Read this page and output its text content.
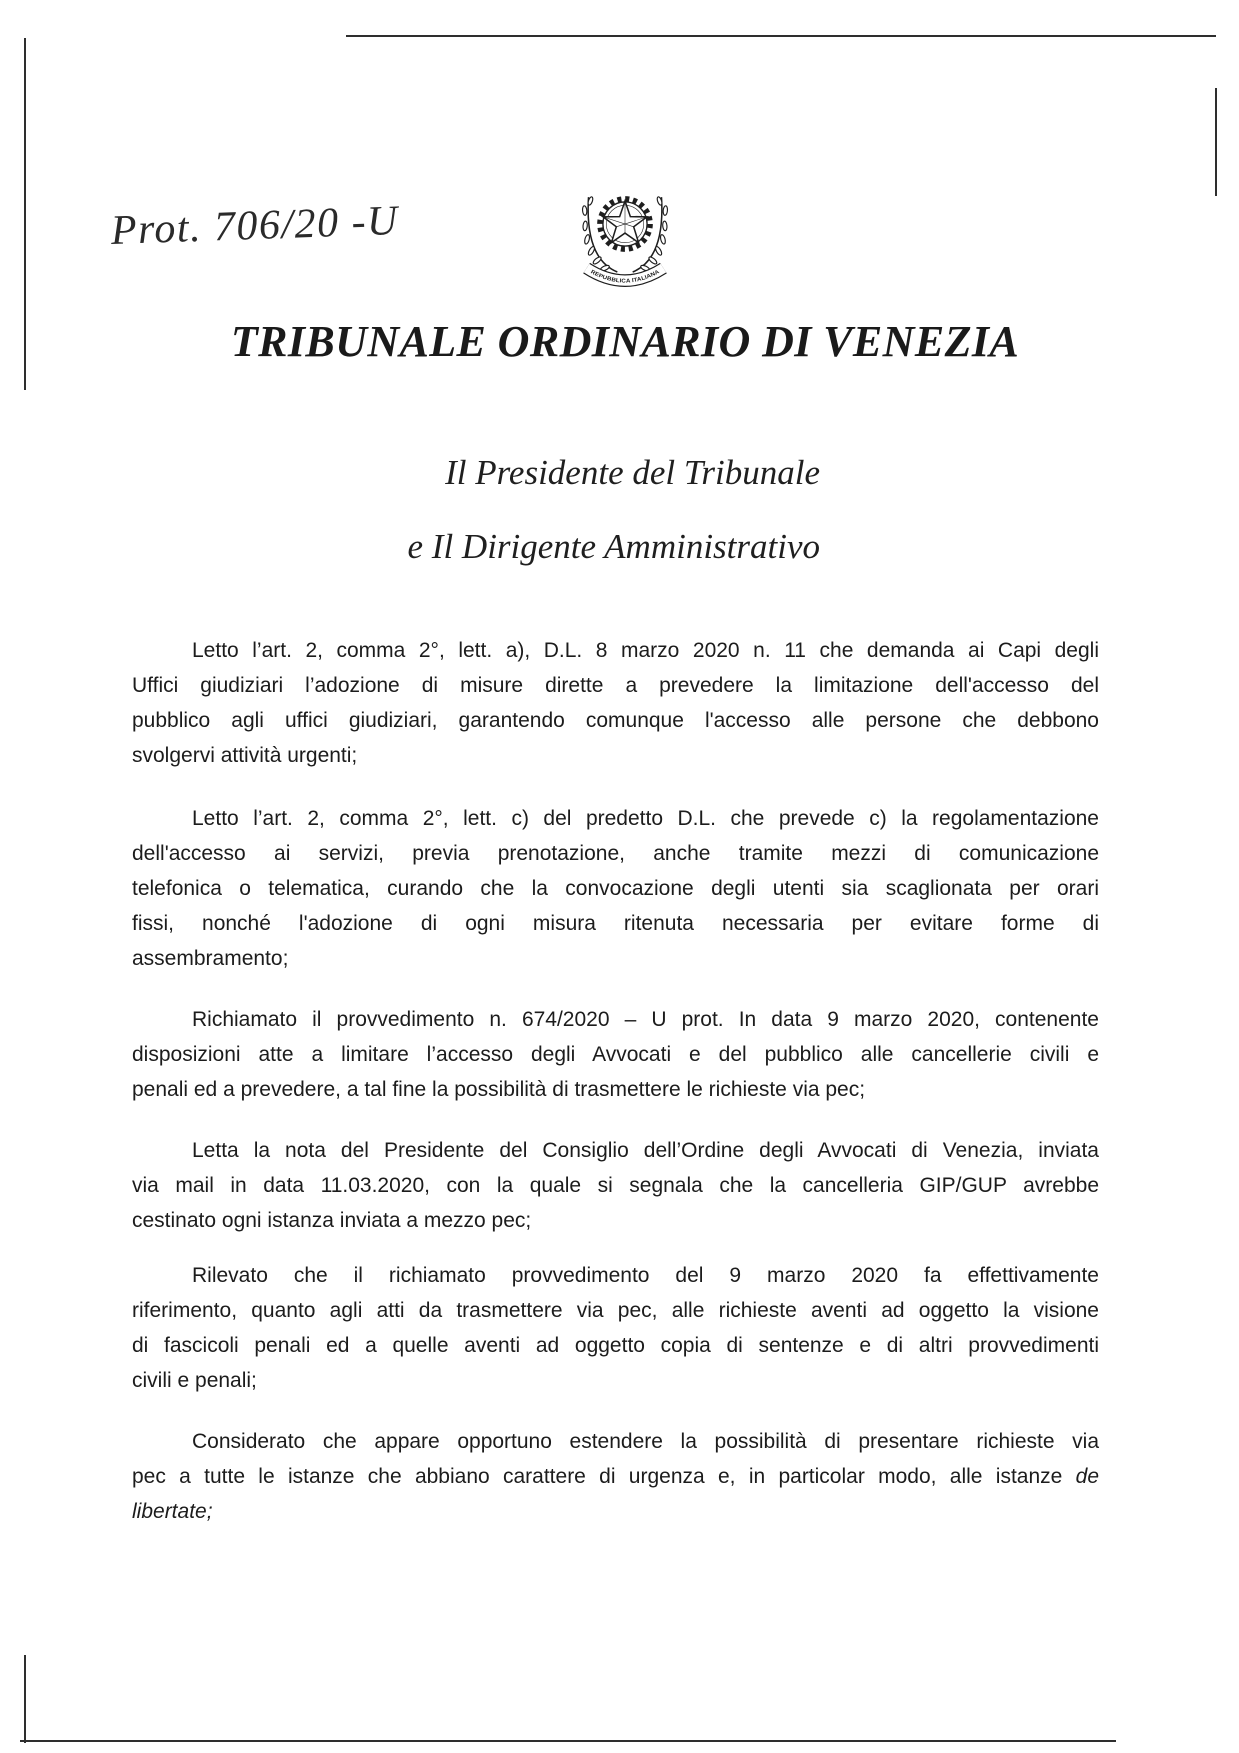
Prot. 706/20 -U
REPUBBLICA ITALIANA
TRIBUNALE ORDINARIO DI VENEZIA
Il Presidente del Tribunale
e Il Dirigente Amministrativo
Letto l’art. 2, comma 2°, lett. a), D.L. 8 marzo 2020 n. 11 che demanda ai Capi degli
Uffici giudiziari l’adozione di misure dirette a prevedere la limitazione dell'accesso del
pubblico agli uffici giudiziari, garantendo comunque l'accesso alle persone che debbono
svolgervi attività urgenti;
Letto l’art. 2, comma 2°, lett. c) del predetto D.L. che prevede c) la regolamentazione
dell'accesso ai servizi, previa prenotazione, anche tramite mezzi di comunicazione
telefonica o telematica, curando che la convocazione degli utenti sia scaglionata per orari
fissi, nonché l'adozione di ogni misura ritenuta necessaria per evitare forme di
assembramento;
Richiamato il provvedimento n. 674/2020 – U prot. In data 9 marzo 2020, contenente
disposizioni atte a limitare l’accesso degli Avvocati e del pubblico alle cancellerie civili e
penali ed a prevedere, a tal fine la possibilità di trasmettere le richieste via pec;
Letta la nota del Presidente del Consiglio dell’Ordine degli Avvocati di Venezia, inviata
via mail in data 11.03.2020, con la quale si segnala che la cancelleria GIP/GUP avrebbe
cestinato ogni istanza inviata a mezzo pec;
Rilevato che il richiamato provvedimento del 9 marzo 2020 fa effettivamente
riferimento, quanto agli atti da trasmettere via pec, alle richieste aventi ad oggetto la visione
di fascicoli penali ed a quelle aventi ad oggetto copia di sentenze e di altri provvedimenti
civili e penali;
Considerato che appare opportuno estendere la possibilità di presentare richieste via
pec a tutte le istanze che abbiano carattere di urgenza e, in particolar modo, alle istanze de
libertate;
